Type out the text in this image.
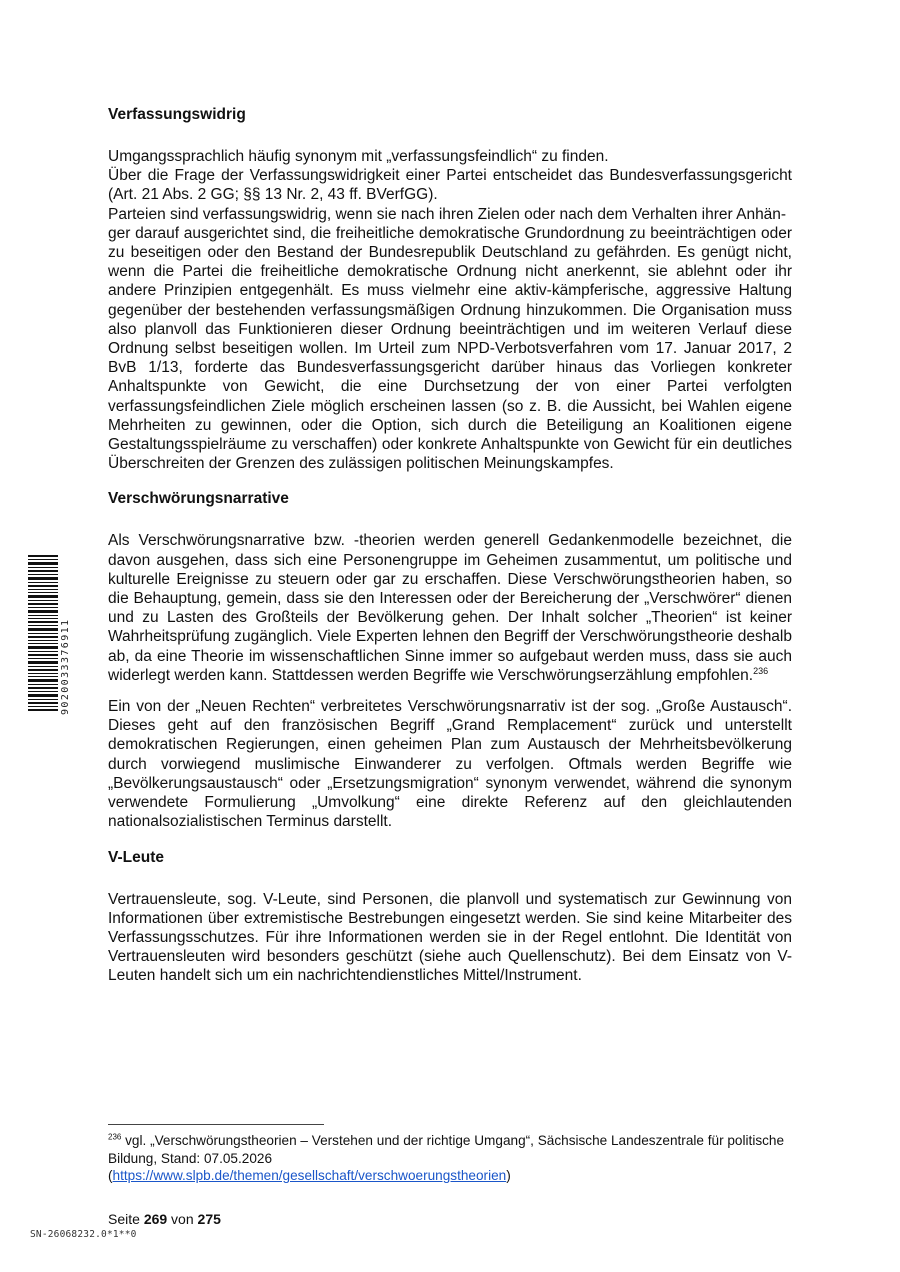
Verfassungswidrig

Umgangssprachlich häufig synonym mit „verfassungsfeindlich“ zu finden.

Über die Frage der Verfassungswidrigkeit einer Partei entscheidet das Bundesverfassungsgericht (Art. 21 Abs. 2 GG; §§ 13 Nr. 2, 43 ff. BVerfGG).

Parteien sind verfassungswidrig, wenn sie nach ihren Zielen oder nach dem Verhalten ihrer Anhän-

ger darauf ausgerichtet sind, die freiheitliche demokratische Grundordnung zu beeinträchtigen oder zu beseitigen oder den Bestand der Bundesrepublik Deutschland zu gefährden. Es genügt nicht, wenn die Partei die freiheitliche demokratische Ordnung nicht anerkennt, sie ablehnt oder ihr andere Prinzipien entgegenhält. Es muss vielmehr eine aktiv-kämpferische, aggressive Haltung gegenüber der bestehenden verfassungsmäßigen Ordnung hinzukommen. Die Organisation muss also planvoll das Funktionieren dieser Ordnung beeinträchtigen und im weiteren Verlauf diese Ordnung selbst beseitigen wollen. Im Urteil zum NPD-Verbotsverfahren vom 17. Januar 2017, 2 BvB 1/13, forderte das Bundesverfassungsgericht darüber hinaus das Vorliegen konkreter Anhaltspunkte von Gewicht, die eine Durchsetzung der von einer Partei verfolgten verfassungsfeindlichen Ziele möglich erscheinen lassen (so z. B. die Aussicht, bei Wahlen eigene Mehrheiten zu gewinnen, oder die Option, sich durch die Beteiligung an Koalitionen eigene Gestaltungsspielräume zu verschaffen) oder konkrete Anhaltspunkte von Gewicht für ein deutliches Überschreiten der Grenzen des zulässigen politischen Meinungskampfes.

Verschwörungsnarrative

Als Verschwörungsnarrative bzw. -theorien werden generell Gedankenmodelle bezeichnet, die davon ausgehen, dass sich eine Personengruppe im Geheimen zusammentut, um politische und kulturelle Ereignisse zu steuern oder gar zu erschaffen. Diese Verschwörungstheorien haben, so die Behauptung, gemein, dass sie den Interessen oder der Bereicherung der „Verschwörer“ dienen und zu Lasten des Großteils der Bevölkerung gehen. Der Inhalt solcher „Theorien“ ist keiner Wahrheitsprüfung zugänglich. Viele Experten lehnen den Begriff der Verschwörungstheorie deshalb ab, da eine Theorie im wissenschaftlichen Sinne immer so aufgebaut werden muss, dass sie auch widerlegt werden kann. Stattdessen werden Begriffe wie Verschwörungserzählung empfohlen.$^{236}$

Ein von der „Neuen Rechten“ verbreitetes Verschwörungsnarrativ ist der sog. „Große Austausch“. Dieses geht auf den französischen Begriff „Grand Remplacement“ zurück und unterstellt demokratischen Regierungen, einen geheimen Plan zum Austausch der Mehrheitsbevölkerung durch vorwiegend muslimische Einwanderer zu verfolgen. Oftmals werden Begriffe wie „Bevölkerungsaustausch“ oder „Ersetzungsmigration“ synonym verwendet, während die synonym verwendete Formulierung „Umvolkung“ eine direkte Referenz auf den gleichlautenden nationalsozialistischen Terminus darstellt.

V-Leute

Vertrauensleute, sog. V-Leute, sind Personen, die planvoll und systematisch zur Gewinnung von Informationen über extremistische Bestrebungen eingesetzt werden. Sie sind keine Mitarbeiter des Verfassungsschutzes. Für ihre Informationen werden sie in der Regel entlohnt. Die Identität von Vertrauensleuten wird besonders geschützt (siehe auch Quellenschutz). Bei dem Einsatz von V-Leuten handelt sich um ein nachrichtendienstliches Mittel/Instrument.

9020033376911
$^{236}$ vgl. „Verschwörungstheorien – Verstehen und der richtige Umgang“, Sächsische Landeszentrale für politische Bildung, Stand: 07.05.2026
(https://www.slpb.de/themen/gesellschaft/verschwoerungstheorien)
Seite 269 von 275
SN-26068232.0*1**0
